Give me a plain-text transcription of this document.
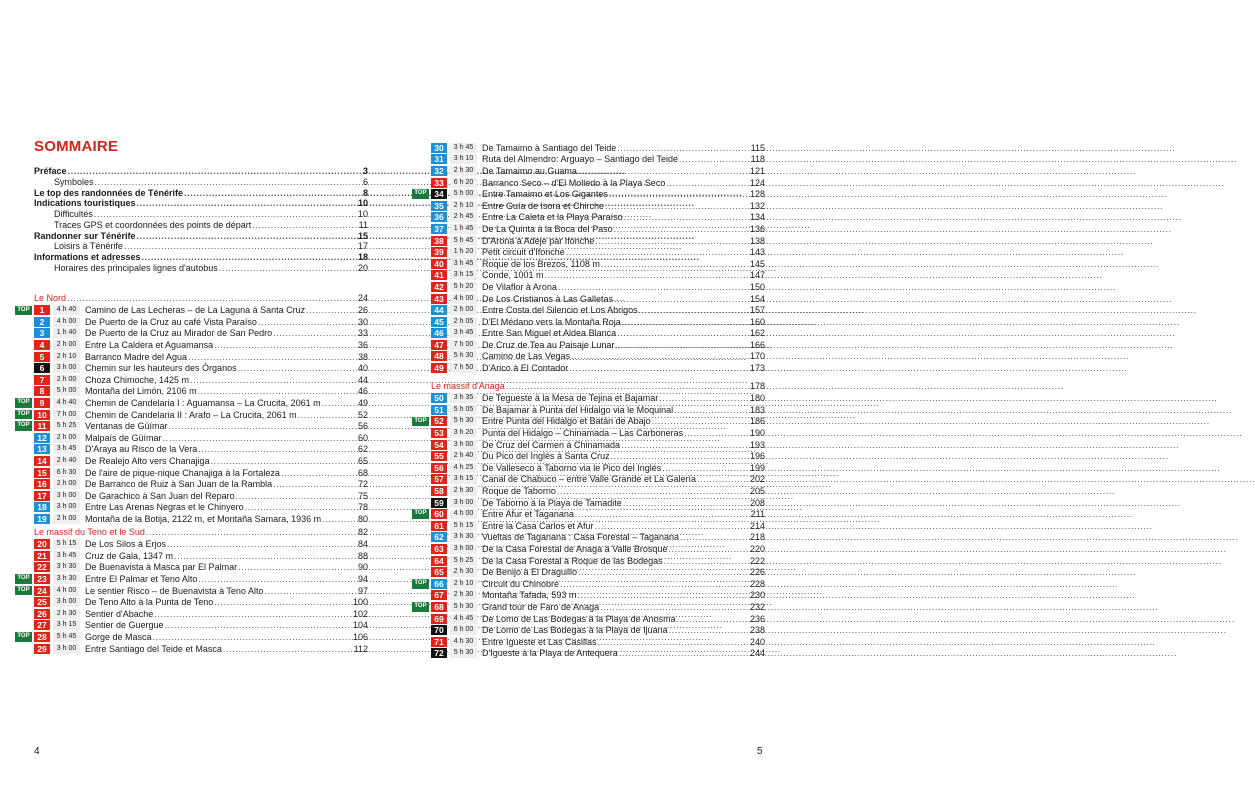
SOMMAIRE
Préface .....	3
Symboles .....	6
Le top des randonnées de Ténérife .....	8
Indications touristiques .....	10
Difficultés .....	10
Traces GPS et coordonnées des points de départ .....	11
Randonner sur Ténérife .....	15
Loisirs à Ténérife .....	17
Informations et adresses .....	18
Horaires des principales lignes d'autobus .....	20
Le Nord .....	24
TOP	1	4 h 40 Camino de Las Lecheras – de La Laguna à Santa Cruz .....	26
2	4 h 00 De Puerto de la Cruz au café Vista Paraíso .....	30
3	1 h 40 De Puerto de la Cruz au Mirador de San Pedro .....	33
4	2 h 00 Entre La Caldera et Aguamansa .....	36
5	2 h 10 Barranco Madre del Agua .....	38
6	3 h 00 Chemin sur les hauteurs des Órganos .....	40
7	2 h 00 Choza Chimoche, 1425 m .....	44
8	5 h 00 Montaña del Limón, 2106 m .....	46
TOP	9	4 h 40 Chemin de Candelaria I : Aguamansa – La Crucita, 2061 m .....	49
TOP 10	7 h 00 Chemin de Candelaria II : Arafo – La Crucita, 2061 m .....	52
TOP 11	5 h 25 Ventanas de Güímar .....	56
12	2 h 00 Malpaís de Güímar .....	60
13	3 h 45 D'Araya au Risco de la Vera .....	62
14	2 h 40 De Realejo Alto vers Chanajiga .....	65
15	6 h 30 De l'aire de pique-nique Chanajiga à la Fortaleza .....	68
16	2 h 00 De Barranco de Ruiz à San Juan de la Rambla .....	72
17	3 h 00 De Garachico à San Juan del Reparo .....	75
18	3 h 00 Entre Las Arenas Negras et le Chinyero .....	78
19	2 h 00 Montaña de la Botija, 2122 m, et Montaña Samara, 1936 m .....	80
Le massif du Teno et le Sud .....	82
20	5 h 15 De Los Silos à Erjos .....	84
21	3 h 45 Cruz de Gala, 1347 m .....	88
22	3 h 30 De Buenavista à Masca par El Palmar .....	90
TOP 23	3 h 30 Entre El Palmar et Teno Alto .....	94
TOP 24	4 h 00 Le sentier Risco – de Buenavista à Teno Alto .....	97
25	3 h 00 De Teno Alto à la Punta de Teno .....	100
26	2 h 30 Sentier d'Abache .....	102
27	3 h 15 Sentier de Guergue .....	104
TOP 28	5 h 45 Gorge de Masca .....	106
29	3 h 00 Entre Santiago del Teide et Masca .....	112
4
30	3 h 45 De Tamaimo à Santiago del Teide .....	115
31	3 h 10 Ruta del Almendro: Arguayo – Santiago del Teide .....	118
32	2 h 30 De Tamaimo au Guama .....	121
33	6 h 20 Barranco Seco – d'El Molledo à la Playa Seco .....	124
TOP 34	5 h 00 Entre Tamaimo et Los Gigantes .....	128
35	2 h 10 Entre Guía de Isora et Chirche .....	132
36	2 h 45 Entre La Caleta et la Playa Paraíso .....	134
37	1 h 45 De La Quinta à la Boca del Paso .....	136
38	5 h 45 D'Arona à Adeje par Ifonche .....	138
39	1 h 20 Petit circuit d'Ifonche .....	143
40	3 h 45 Roque de los Brezos, 1108 m .....	145
41	3 h 15 Conde, 1001 m .....	147
42	5 h 20 De Vilaflor à Arona .....	150
43	4 h 00 De Los Cristianos à Las Galletas .....	154
44	2 h 00 Entre Costa del Silencio et Los Abrigos .....	157
45	2 h 05 D'El Médano vers la Montaña Roja .....	160
46	3 h 45 Entre San Miguel et Aldea Blanca .....	162
47	7 h 00 De Cruz de Tea au Paisaje Lunar .....	166
48	5 h 30 Camino de Las Vegas .....	170
49	7 h 50 D'Arico à El Contador .....	173
Le massif d'Anaga .....	178
50	3 h 35 De Tegueste à la Mesa de Tejina et Bajamar .....	180
51	5 h 05 De Bajamar à Punta del Hidalgo via le Moquinal .....	183
TOP 52	5 h 30 Entre Punta del Hidalgo et Batán de Abajo .....	186
53	3 h 20 Punta del Hidalgo – Chinamada – Las Carboneras .....	190
54	3 h 00 De Cruz del Carmen à Chinamada .....	193
55	2 h 40 Du Pico del Inglés à Santa Cruz .....	196
56	4 h 25 De Valleseco à Taborno via le Pico del Inglés .....	199
57	3 h 15 Canal de Chabuco – entre Valle Grande et La Galería .....	202
58	2 h 30 Roque de Taborno .....	205
59	3 h 00 De Taborno à la Playa de Tamadite .....	208
TOP 60	4 h 00 Entre Afur et Taganana .....	211
61	5 h 15 Entre la Casa Carlos et Afur .....	214
62	3 h 30 Vueltas de Taganana : Casa Forestal – Taganana .....	218
63	3 h 00 De la Casa Forestal de Anaga à Valle Brosque .....	220
64	5 h 25 De la Casa Forestal à Roque de las Bodegas .....	222
65	2 h 30 De Benijo à El Draguillo .....	226
TOP 66	2 h 10 Circuit du Chinobre .....	228
67	2 h 30 Montaña Tafada, 593 m .....	230
TOP 68	5 h 30 Grand tour de Faro de Anaga .....	232
69	4 h 45 De Lomo de Las Bodegas à la Playa de Anosma .....	236
70	6 h 00 De Lomo de Las Bodegas à la Playa de Ijuana .....	238
71	4 h 30 Entre Igueste et Las Casillas .....	240
72	5 h 30 D'Igueste à la Playa de Antequera .....	244
5
